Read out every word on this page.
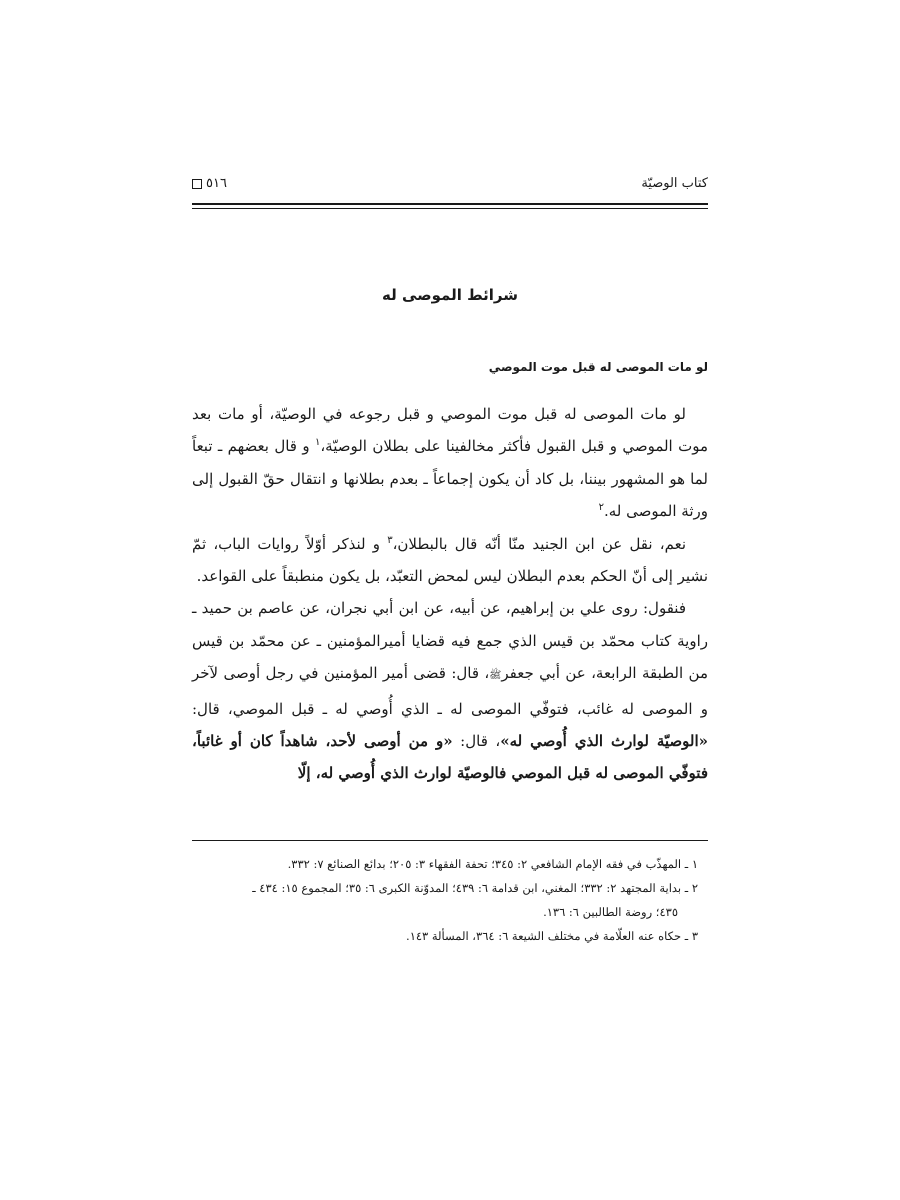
كتاب الوصيّة
٥١٦
شرائط الموصى له
لو مات الموصى له قبل موت الموصي

لو مات الموصى له قبل موت الموصي و قبل رجوعه في الوصيّة، أو مات بعد موت الموصي و قبل القبول فأكثر مخالفينا على بطلان الوصيّة،$^١$ و قال بعضهم ـ تبعاً لما هو المشهور بيننا، بل كاد أن يكون إجماعاً ـ بعدم بطلانها و انتقال حقّ القبول إلى ورثة الموصى له.$^٢$

نعم، نقل عن ابن الجنيد منّا أنّه قال بالبطلان،$^٣$ و لنذكر أوّلاً روايات الباب، ثمّ نشير إلى أنّ الحكم بعدم البطلان ليس لمحض التعبّد، بل يكون منطبقاً على القواعد.

فنقول: روى علي بن إبراهيم، عن أبيه، عن ابن أبي نجران، عن عاصم بن حميد ـ راوية كتاب محمّد بن قيس الذي جمع فيه قضايا أميرالمؤمنين ـ عن محمّد بن قيس من الطبقة الرابعة، عن أبي جعفرﷺ، قال: قضى أمير المؤمنين في رجل أوصى لآخر و الموصى له غائب، فتوفّي الموصى له ـ الذي أُوصي له ـ قبل الموصي، قال: «الوصيّة لوارث الذي أُوصي له»، قال: «و من أوصى لأحد، شاهداً كان أو غائباً، فتوفّي الموصى له قبل الموصي فالوصيّة لوارث الذي أُوصي له، إلّا

١ ـ المهذّب في فقه الإمام الشافعي ٢: ٣٤٥؛ تحفة الفقهاء ٣: ٢٠٥؛ بدائع الصنائع ٧: ٣٣٢.

٢ ـ بداية المجتهد ٢: ٣٣٢؛ المغني، ابن قدامة ٦: ٤٣٩؛ المدوّنة الكبرى ٦: ٣٥؛ المجموع ١٥: ٤٣٤ ـ

٤٣٥؛ روضة الطالبين ٦: ١٣٦.

٣ ـ حكاه عنه العلّامة في مختلف الشيعة ٦: ٣٦٤، المسألة ١٤٣.
